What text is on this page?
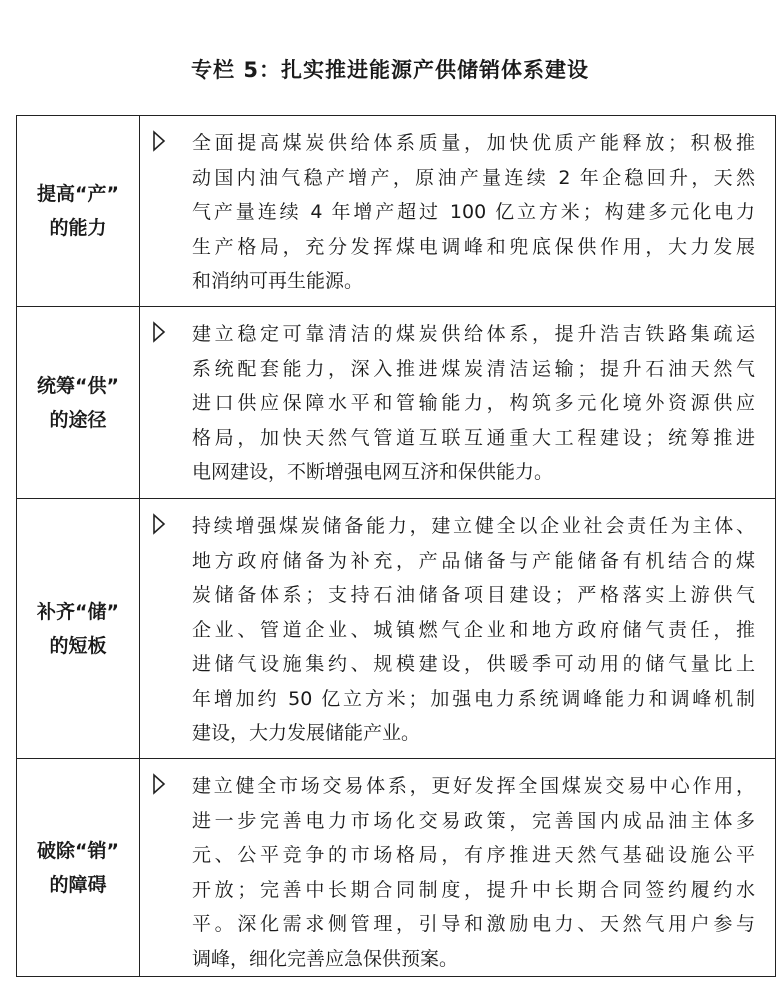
专栏 5：扎实推进能源产供储销体系建设
提高“产”
的能力
全面提高煤炭供给体系质量，加快优质产能释放；积极推
动国内油气稳产增产，原油产量连续 2 年企稳回升，天然
气产量连续 4 年增产超过 100 亿立方米；构建多元化电力
生产格局，充分发挥煤电调峰和兜底保供作用，大力发展
和消纳可再生能源。
统筹“供”
的途径
建立稳定可靠清洁的煤炭供给体系，提升浩吉铁路集疏运
系统配套能力，深入推进煤炭清洁运输；提升石油天然气
进口供应保障水平和管输能力，构筑多元化境外资源供应
格局，加快天然气管道互联互通重大工程建设；统筹推进
电网建设，不断增强电网互济和保供能力。
补齐“储”
的短板
持续增强煤炭储备能力，建立健全以企业社会责任为主体、
地方政府储备为补充，产品储备与产能储备有机结合的煤
炭储备体系；支持石油储备项目建设；严格落实上游供气
企业、管道企业、城镇燃气企业和地方政府储气责任，推
进储气设施集约、规模建设，供暖季可动用的储气量比上
年增加约 50 亿立方米；加强电力系统调峰能力和调峰机制
建设，大力发展储能产业。
破除“销”
的障碍
建立健全市场交易体系，更好发挥全国煤炭交易中心作用，
进一步完善电力市场化交易政策，完善国内成品油主体多
元、公平竞争的市场格局，有序推进天然气基础设施公平
开放；完善中长期合同制度，提升中长期合同签约履约水
平。深化需求侧管理，引导和激励电力、天然气用户参与
调峰，细化完善应急保供预案。
